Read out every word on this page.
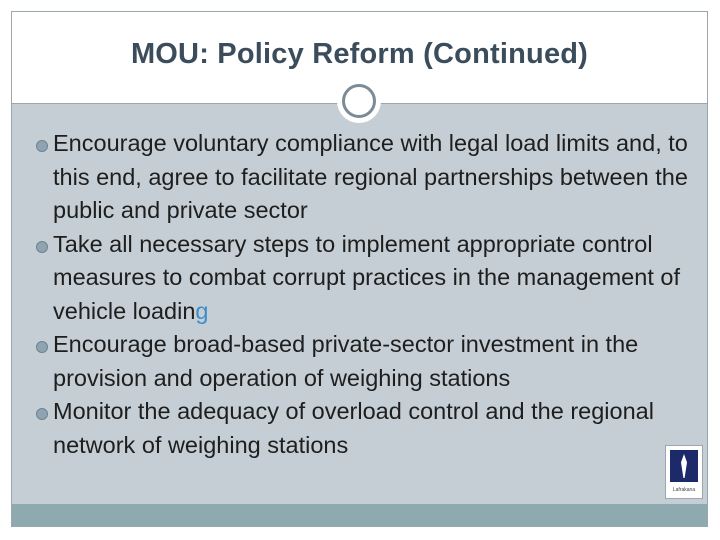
MOU: Policy Reform (Continued)
Encourage voluntary compliance with legal load limits and, to this end, agree to facilitate regional partnerships between the public and private sector
Take all necessary steps to implement appropriate control measures to combat corrupt practices in the management of vehicle loading
Encourage broad-based private-sector investment in the provision and operation of weighing stations
Monitor the adequacy of overload control and the regional network of weighing stations
Lafrakana
